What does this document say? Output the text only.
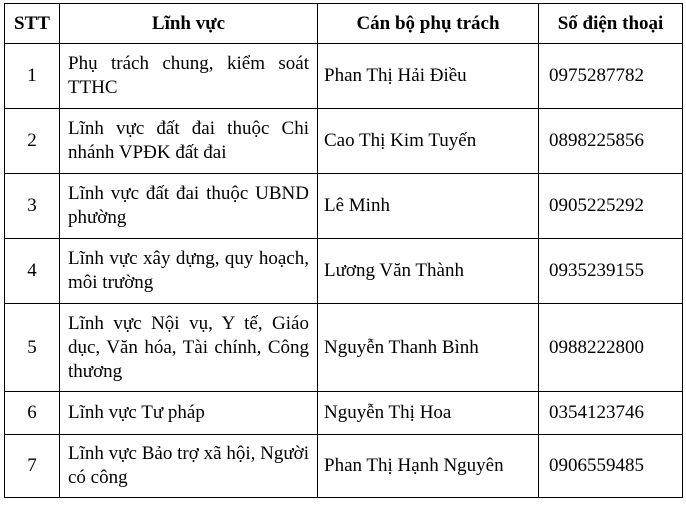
STT	Lĩnh vực	Cán bộ phụ trách	Số điện thoại
1	Phụ trách chung, kiểm soát TTHC	Phan Thị Hải Điều	0975287782
2	Lĩnh vực đất đai thuộc Chi nhánh VPĐK đất đai	Cao Thị Kim Tuyến	0898225856
3	Lĩnh vực đất đai thuộc UBND phường	Lê Minh	0905225292
4	Lĩnh vực xây dựng, quy hoạch, môi trường	Lương Văn Thành	0935239155
5	Lĩnh vực Nội vụ, Y tế, Giáo dục, Văn hóa, Tài chính, Công thương	Nguyễn Thanh Bình	0988222800
6	Lĩnh vực Tư pháp	Nguyễn Thị Hoa	0354123746
7	Lĩnh vực Bảo trợ xã hội, Người có công	Phan Thị Hạnh Nguyên	0906559485
